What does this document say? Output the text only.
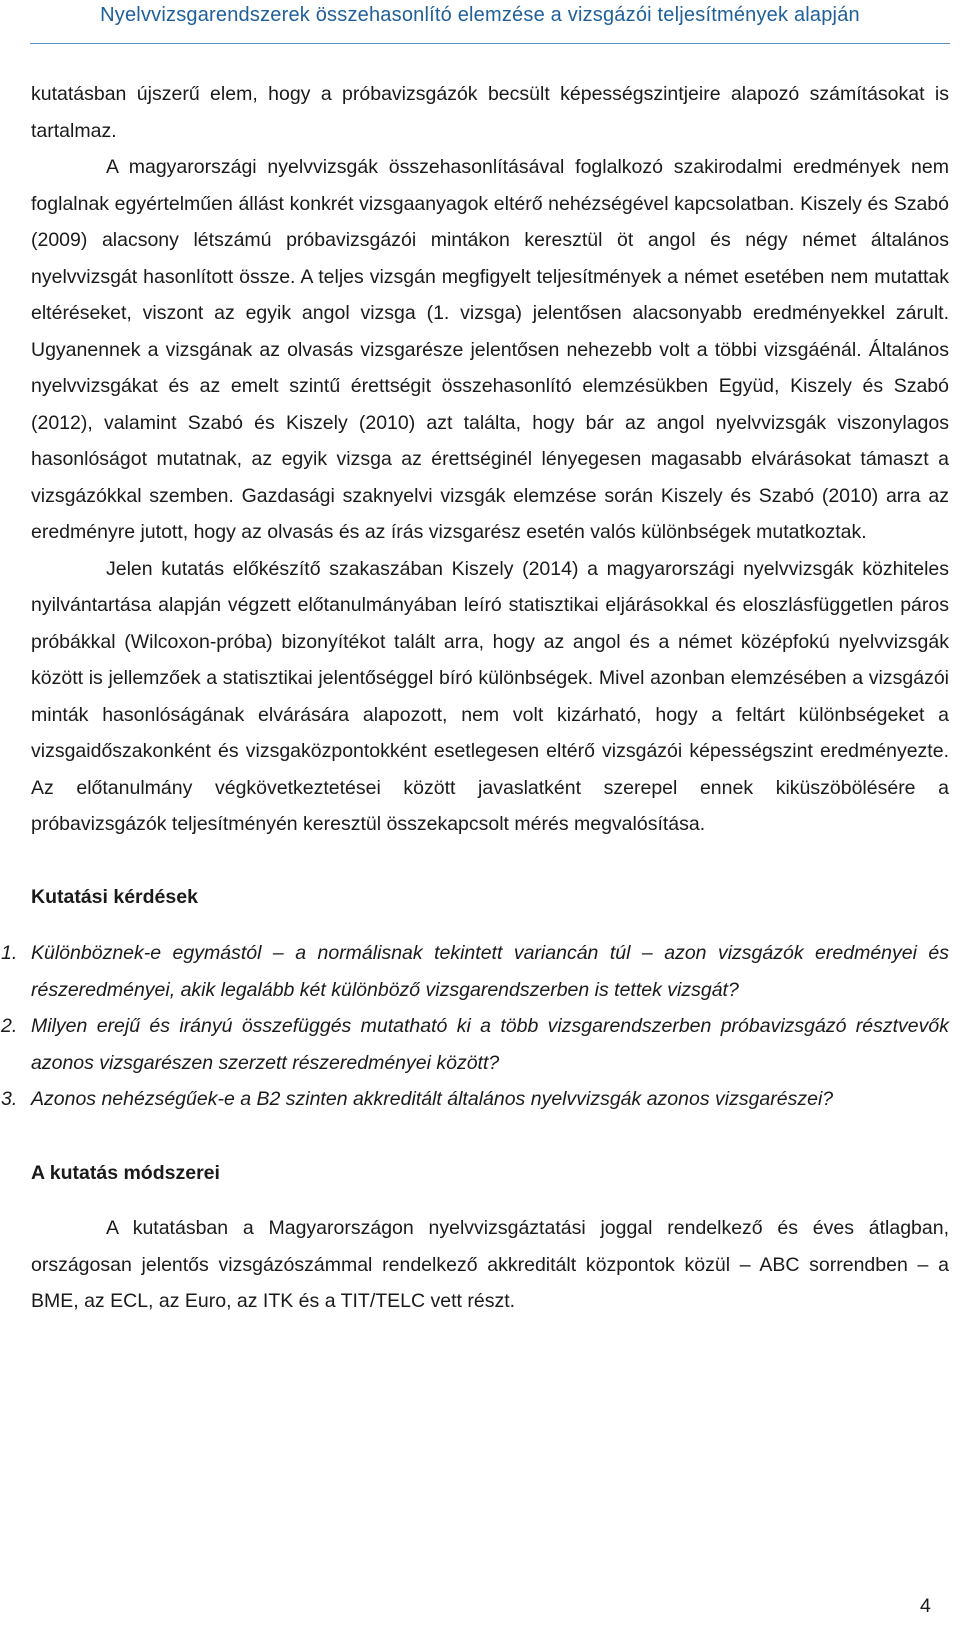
Nyelvvizsgarendszerek összehasonlító elemzése a vizsgázói teljesítmények alapján

kutatásban újszerű elem, hogy a próbavizsgázók becsült képességszintjeire alapozó számításokat is tartalmaz.

A magyarországi nyelvvizsgák összehasonlításával foglalkozó szakirodalmi eredmények nem foglalnak egyértelműen állást konkrét vizsgaanyagok eltérő nehézségével kapcsolatban. Kiszely és Szabó (2009) alacsony létszámú próbavizsgázói mintákon keresztül öt angol és négy német általános nyelvvizsgát hasonlított össze. A teljes vizsgán megfigyelt teljesítmények a német esetében nem mutattak eltéréseket, viszont az egyik angol vizsga (1. vizsga) jelentősen alacsonyabb eredményekkel zárult. Ugyanennek a vizsgának az olvasás vizsgarésze jelentősen nehezebb volt a többi vizsgáénál. Általános nyelvvizsgákat és az emelt szintű érettségit összehasonlító elemzésükben Együd, Kiszely és Szabó (2012), valamint Szabó és Kiszely (2010) azt találta, hogy bár az angol nyelvvizsgák viszonylagos hasonlóságot mutatnak, az egyik vizsga az érettséginél lényegesen magasabb elvárásokat támaszt a vizsgázókkal szemben. Gazdasági szaknyelvi vizsgák elemzése során Kiszely és Szabó (2010) arra az eredményre jutott, hogy az olvasás és az írás vizsgarész esetén valós különbségek mutatkoztak.

Jelen kutatás előkészítő szakaszában Kiszely (2014) a magyarországi nyelvvizsgák közhiteles nyilvántartása alapján végzett előtanulmányában leíró statisztikai eljárásokkal és eloszlásfüggetlen páros próbákkal (Wilcoxon-próba) bizonyítékot talált arra, hogy az angol és a német középfokú nyelvvizsgák között is jellemzőek a statisztikai jelentőséggel bíró különbségek. Mivel azonban elemzésében a vizsgázói minták hasonlóságának elvárására alapozott, nem volt kizárható, hogy a feltárt különbségeket a vizsgaidőszakonként és vizsgaközpontokként esetlegesen eltérő vizsgázói képességszint eredményezte. Az előtanulmány végkövetkeztetései között javaslatként szerepel ennek kiküszöbölésére a próbavizsgázók teljesítményén keresztül összekapcsolt mérés megvalósítása.

Kutatási kérdések
1. Különböznek-e egymástól – a normálisnak tekintett variancán túl – azon vizsgázók eredményei és részeredményei, akik legalább két különböző vizsgarendszerben is tettek vizsgát?
2. Milyen erejű és irányú összefüggés mutatható ki a több vizsgarendszerben próbavizsgázó résztvevők azonos vizsgarészen szerzett részeredményei között?
3. Azonos nehézségűek-e a B2 szinten akkreditált általános nyelvvizsgák azonos vizsgarészei?
A kutatás módszerei

A kutatásban a Magyarországon nyelvvizsgáztatási joggal rendelkező és éves átlagban, országosan jelentős vizsgázószámmal rendelkező akkreditált központok közül – ABC sorrendben – a BME, az ECL, az Euro, az ITK és a TIT/TELC vett részt.

4
